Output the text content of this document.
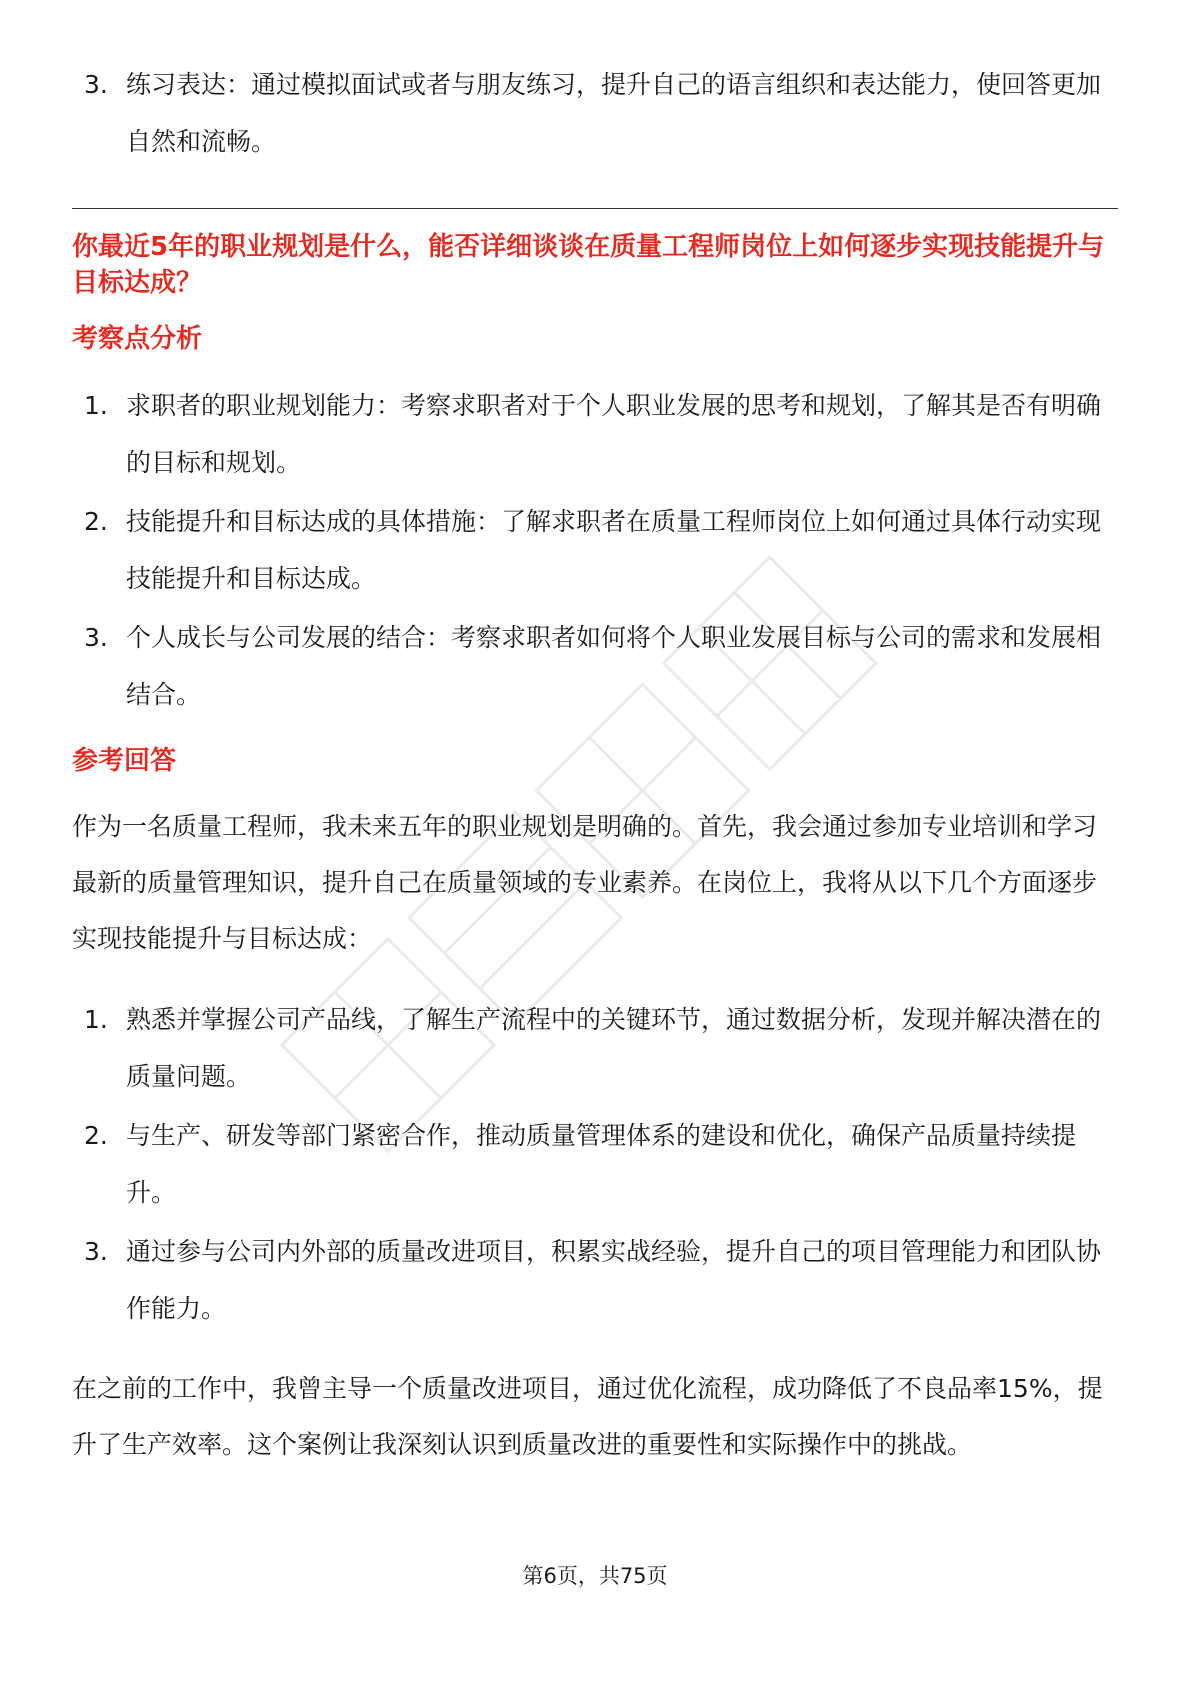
3. 练习表达：通过模拟面试或者与朋友练习，提升自己的语言组织和表达能力，使回答更加自然和流畅。
你最近5年的职业规划是什么，能否详细谈谈在质量工程师岗位上如何逐步实现技能提升与目标达成？
考察点分析
1. 求职者的职业规划能力：考察求职者对于个人职业发展的思考和规划，了解其是否有明确的目标和规划。
2. 技能提升和目标达成的具体措施：了解求职者在质量工程师岗位上如何通过具体行动实现技能提升和目标达成。
3. 个人成长与公司发展的结合：考察求职者如何将个人职业发展目标与公司的需求和发展相结合。
参考回答

作为一名质量工程师，我未来五年的职业规划是明确的。首先，我会通过参加专业培训和学习最新的质量管理知识，提升自己在质量领域的专业素养。在岗位上，我将从以下几个方面逐步实现技能提升与目标达成：

1. 熟悉并掌握公司产品线，了解生产流程中的关键环节，通过数据分析，发现并解决潜在的质量问题。
2. 与生产、研发等部门紧密合作，推动质量管理体系的建设和优化，确保产品质量持续提升。
3. 通过参与公司内外部的质量改进项目，积累实战经验，提升自己的项目管理能力和团队协作能力。

在之前的工作中，我曾主导一个质量改进项目，通过优化流程，成功降低了不良品率15%，提升了生产效率。这个案例让我深刻认识到质量改进的重要性和实际操作中的挑战。

第6页，共75页
